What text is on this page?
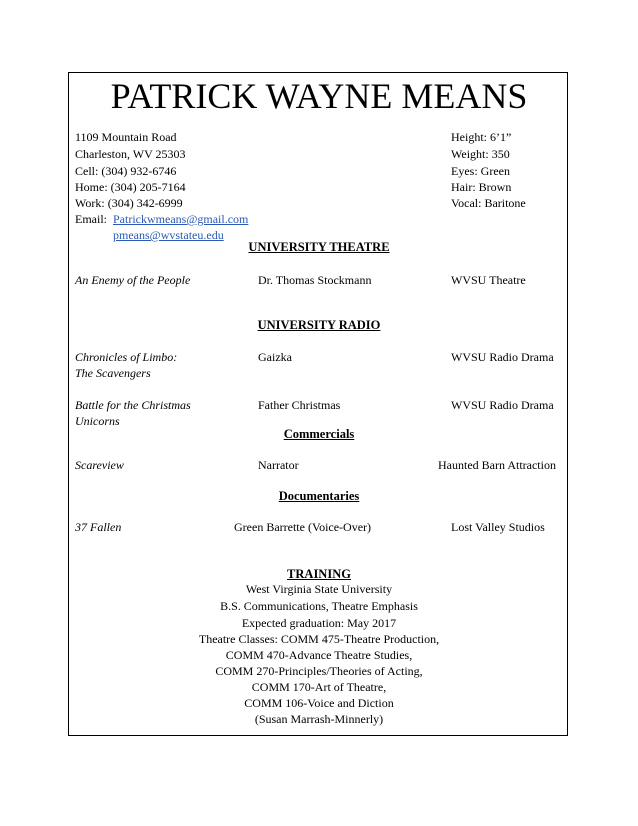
PATRICK WAYNE MEANS
1109 Mountain Road
Charleston, WV 25303
Cell: (304) 932-6746
Home: (304) 205-7164
Work: (304) 342-6999
Email: Patrickwmeans@gmail.com
pmeans@wvstateu.edu
Height: 6’1”
Weight: 350
Eyes: Green
Hair: Brown
Vocal: Baritone
UNIVERSITY THEATRE
An Enemy of the People	Dr. Thomas Stockmann	WVSU Theatre
UNIVERSITY RADIO
Chronicles of Limbo:
The Scavengers
Gaizka	WVSU Radio Drama
Battle for the Christmas
Unicorns
Father Christmas	WVSU Radio Drama
Commercials
Scareview	Narrator	Haunted Barn Attraction
Documentaries
37 Fallen	Green Barrette (Voice-Over)	Lost Valley Studios
TRAINING
West Virginia State University
B.S. Communications, Theatre Emphasis
Expected graduation: May 2017
Theatre Classes: COMM 475-Theatre Production,
COMM 470-Advance Theatre Studies,
COMM 270-Principles/Theories of Acting,
COMM 170-Art of Theatre,
COMM 106-Voice and Diction
(Susan Marrash-Minnerly)
